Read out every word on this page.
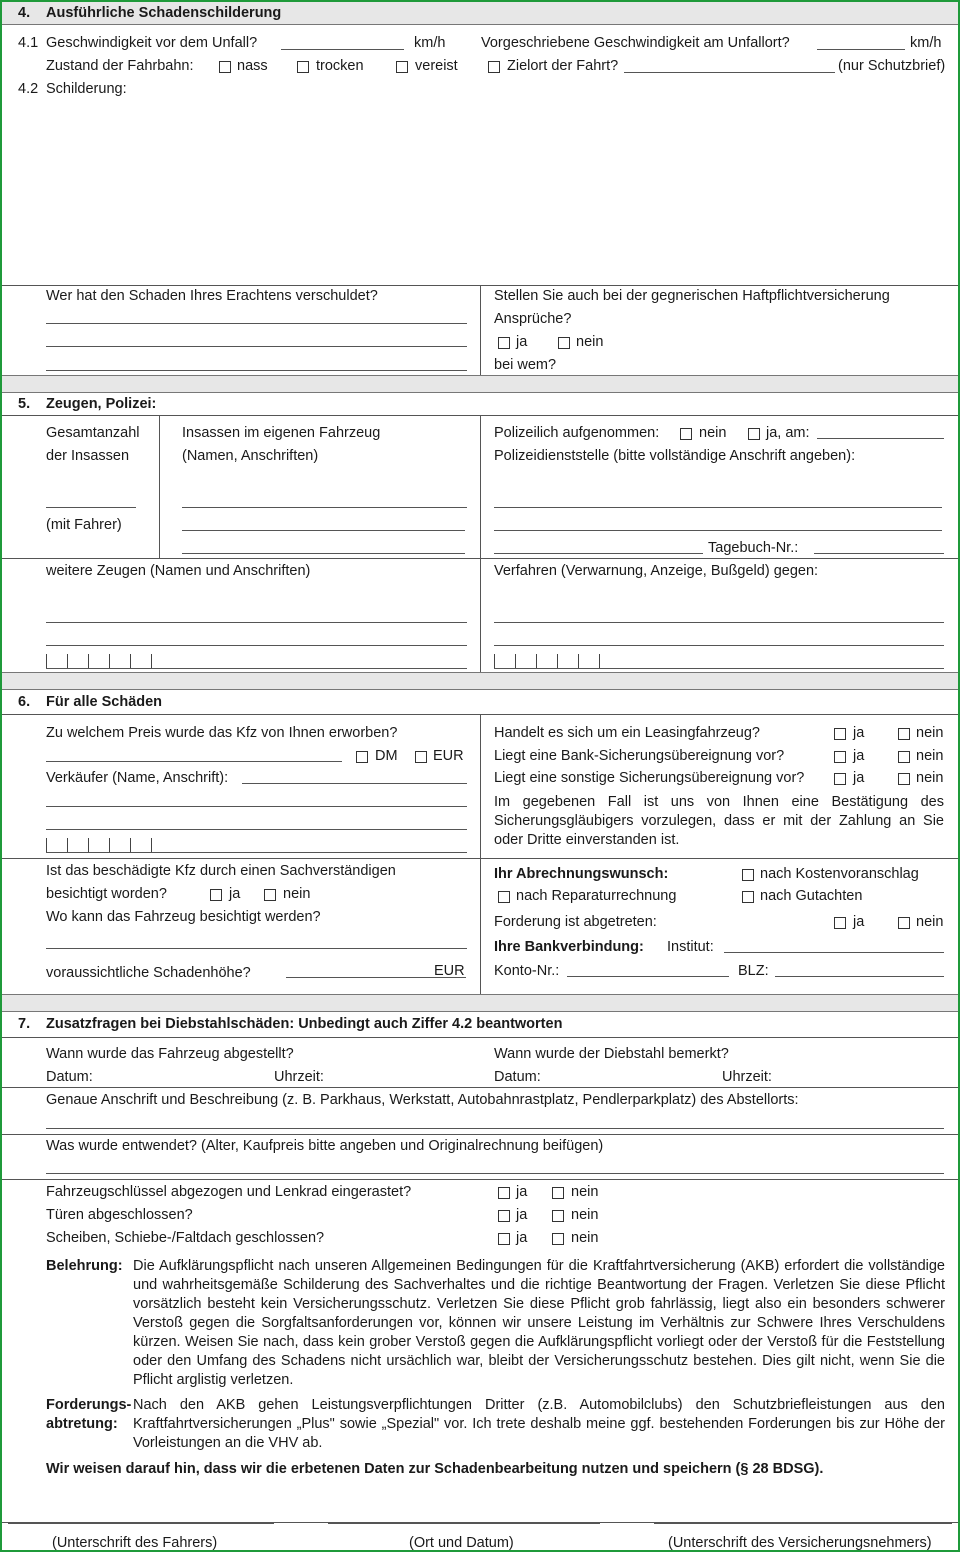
4. Ausführliche Schadenschilderung
4.1 Geschwindigkeit vor dem Unfall?	km/h Vorgeschriebene Geschwindigkeit am Unfallort?	km/h
Zustand der Fahrbahn:	nass	trocken	vereist	Zielort der Fahrt?	(nur Schutzbrief)
4.2 Schilderung:
Wer hat den Schaden Ihres Erachtens verschuldet?	Stellen Sie auch bei der gegnerischen Haftpflichtversicherung
Ansprüche?
ja	nein
bei wem?
5. Zeugen, Polizei:
Gesamtanzahl
der Insassen
(mit Fahrer)
Insassen im eigenen Fahrzeug
(Namen, Anschriften)
Polizeilich aufgenommen:	nein	ja, am:
Polizeidienststelle (bitte vollständige Anschrift angeben):
Tagebuch-Nr.:
weitere Zeugen (Namen und Anschriften)	Verfahren (Verwarnung, Anzeige, Bußgeld) gegen:
6. Für alle Schäden
Zu welchem Preis wurde das Kfz von Ihnen erworben?
DM EUR
Verkäufer (Name, Anschrift):
Handelt es sich um ein Leasingfahrzeug?	ja	nein
Liegt eine Bank-Sicherungsübereignung vor?	ja	nein
Liegt eine sonstige Sicherungsübereignung vor?	ja	nein
Im gegebenen Fall ist uns von Ihnen eine Bestätigung des Sicherungsgläubigers vorzulegen, dass er mit der Zahlung an Sie oder Dritte einverstanden ist.
Ist das beschädigte Kfz durch einen Sachverständigen
besichtigt worden?	ja	nein
Wo kann das Fahrzeug besichtigt werden?
voraussichtliche Schadenhöhe?	EUR
Ihr Abrechnungswunsch:	nach Kostenvoranschlag
nach Reparaturrechnung	nach Gutachten
Forderung ist abgetreten:	ja	nein
Ihre Bankverbindung: Institut:
Konto-Nr.:	BLZ:
7. Zusatzfragen bei Diebstahlschäden: Unbedingt auch Ziffer 4.2 beantworten
Wann wurde das Fahrzeug abgestellt?
Datum:	Uhrzeit:
Wann wurde der Diebstahl bemerkt?
Datum:	Uhrzeit:
Genaue Anschrift und Beschreibung (z. B. Parkhaus, Werkstatt, Autobahnrastplatz, Pendlerparkplatz) des Abstellorts:
Was wurde entwendet? (Alter, Kaufpreis bitte angeben und Originalrechnung beifügen)
Fahrzeugschlüssel abgezogen und Lenkrad eingerastet?	ja	nein
Türen abgeschlossen?	ja	nein
Scheiben, Schiebe-/Faltdach geschlossen?	ja	nein
Belehrung: Die Aufklärungspflicht nach unseren Allgemeinen Bedingungen für die Kraftfahrtversicherung (AKB) erfordert die vollständige und wahrheitsgemäße Schilderung des Sachverhaltes und die richtige Beantwortung der Fragen. Verletzen Sie diese Pflicht vorsätzlich besteht kein Versicherungsschutz. Verletzen Sie diese Pflicht grob fahrlässig, liegt also ein besonders schwerer Verstoß gegen die Sorgfaltsanforderungen vor, können wir unsere Leistung im Verhältnis zur Schwere Ihres Verschuldens kürzen. Weisen Sie nach, dass kein grober Verstoß gegen die Aufklärungspflicht vorliegt oder der Verstoß für die Feststellung oder den Umfang des Schadens nicht ursächlich war, bleibt der Versicherungsschutz bestehen. Dies gilt nicht, wenn Sie die Pflicht arglistig verletzen.
Forderungs-
abtretung:
Nach den AKB gehen Leistungsverpflichtungen Dritter (z.B. Automobilclubs) den Schutzbriefleistungen aus den Kraftfahrtversicherungen „Plus" sowie „Spezial" vor. Ich trete deshalb meine ggf. bestehenden Forderungen bis zur Höhe der Vorleistungen an die VHV ab.
Wir weisen darauf hin, dass wir die erbetenen Daten zur Schadenbearbeitung nutzen und speichern (§ 28 BDSG).
(Unterschrift des Fahrers)	(Ort und Datum)	(Unterschrift des Versicherungsnehmers)
